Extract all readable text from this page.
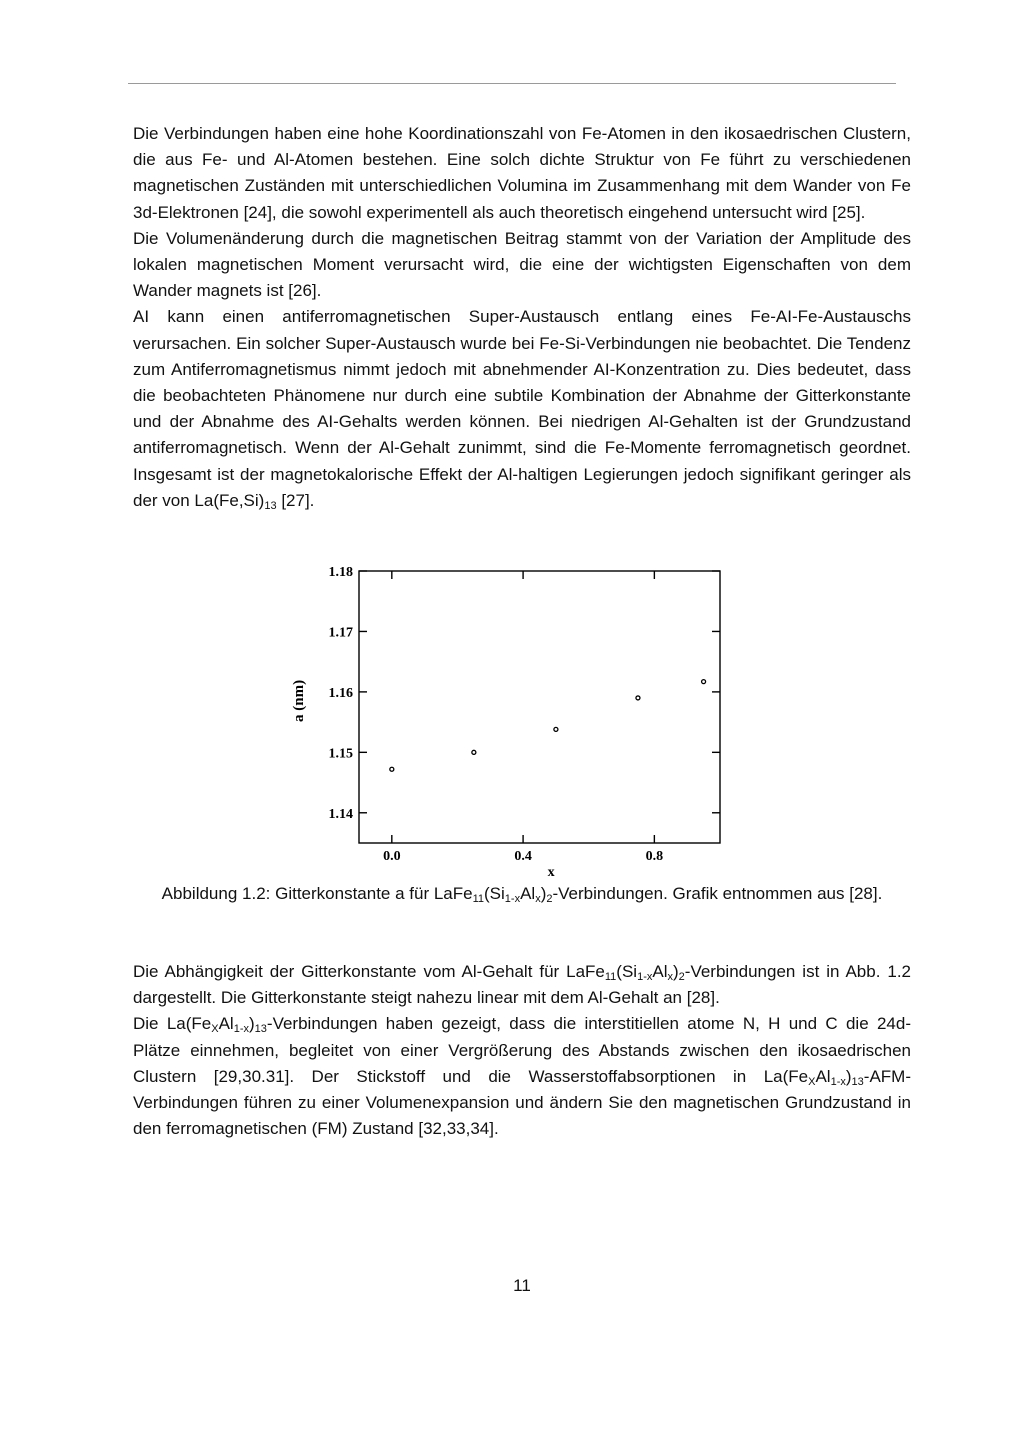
Die Verbindungen haben eine hohe Koordinationszahl von Fe-Atomen in den ikosaedrischen Clustern, die aus Fe- und Al-Atomen bestehen. Eine solch dichte Struktur von Fe führt zu verschiedenen magnetischen Zuständen mit unterschiedlichen Volumina im Zusammenhang mit dem Wander von Fe 3d-Elektronen [24], die sowohl experimentell als auch theoretisch eingehend untersucht wird [25].

Die Volumenänderung durch die magnetischen Beitrag stammt von der Variation der Amplitude des lokalen magnetischen Moment verursacht wird, die eine der wichtigsten Eigenschaften von dem Wander magnets ist [26].

AI kann einen antiferromagnetischen Super-Austausch entlang eines Fe-AI-Fe-Austauschs verursachen. Ein solcher Super-Austausch wurde bei Fe-Si-Verbindungen nie beobachtet. Die Tendenz zum Antiferromagnetismus nimmt jedoch mit abnehmender AI-Konzentration zu. Dies bedeutet, dass die beobachteten Phänomene nur durch eine subtile Kombination der Abnahme der Gitterkonstante und der Abnahme des AI-Gehalts werden können. Bei niedrigen Al-Gehalten ist der Grundzustand antiferromagnetisch. Wenn der Al-Gehalt zunimmt, sind die Fe-Momente ferromagnetisch geordnet. Insgesamt ist der magnetokalorische Effekt der Al-haltigen Legierungen jedoch signifikant geringer als der von $La(Fe,Si)_{13}$ [27].

1.14
1.15
1.16
1.17
1.18
0.0	0.4	0.8
x
a (nm)
Abbildung 1.2: Gitterkonstante a für $LaFe_{11}(Si_{1-x}Al_x)_2$-Verbindungen. Grafik entnommen aus [28].

Die Abhängigkeit der Gitterkonstante vom Al-Gehalt für $LaFe_{11}(Si_{1-x}Al_x)_2$-Verbindungen ist in Abb. 1.2 dargestellt. Die Gitterkonstante steigt nahezu linear mit dem Al-Gehalt an [28].

Die $La(Fe_XAl_{1-x})_{13}$-Verbindungen haben gezeigt, dass die interstitiellen atome N, H und C die 24d-Plätze einnehmen, begleitet von einer Vergrößerung des Abstands zwischen den ikosaedrischen Clustern [29,30.31]. Der Stickstoff und die Wasserstoffabsorptionen in $La(Fe_XAl_{1-x})_{13}-AFM$-Verbindungen führen zu einer Volumenexpansion und ändern Sie den magnetischen Grundzustand in den ferromagnetischen (FM) Zustand [32,33,34].

11
